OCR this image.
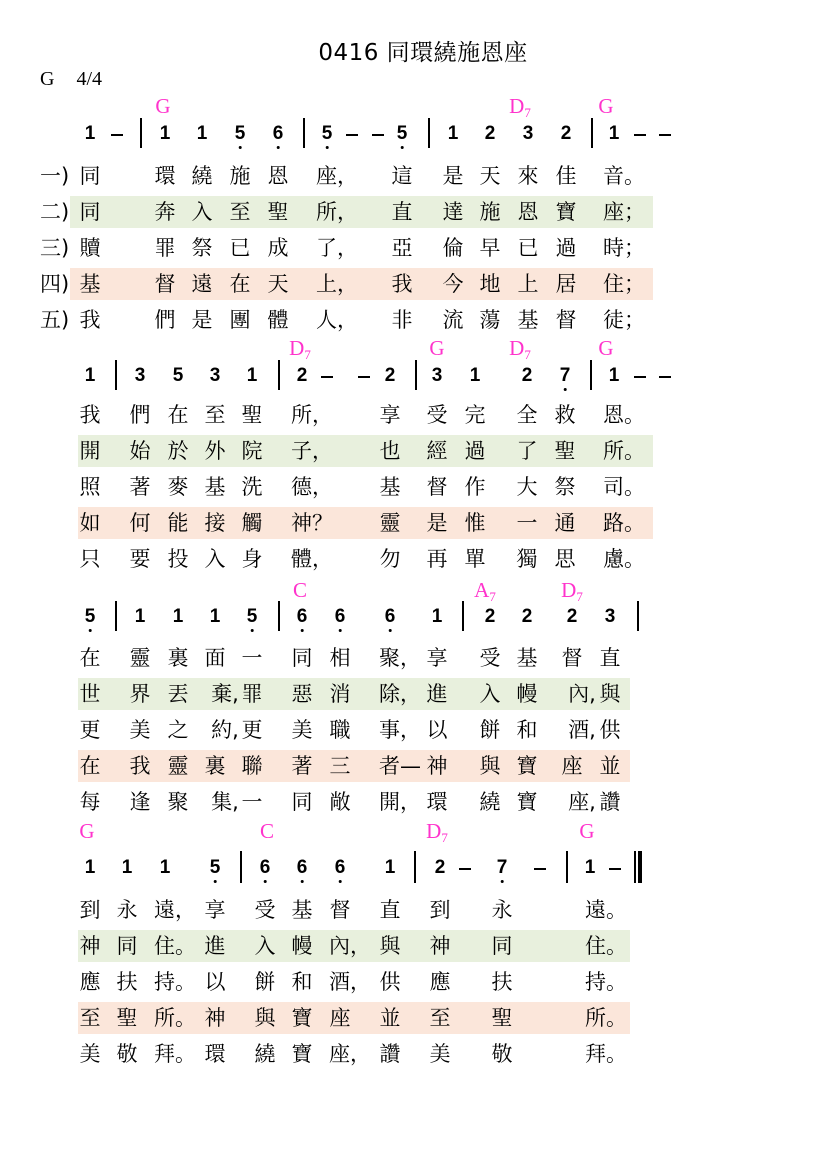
0416 同環繞施恩座
G 4/4
G	$D_7$	G
1	1 1 5 6 5	5 1 2 3 2 1
一) 同	環 繞 施 恩 座， 這 是 天 來 佳 音。
二) 同	奔 入 至 聖 所， 直 達 施 恩 寶 座；
三) 贖	罪 祭 已 成 了， 亞 倫 早 已 過 時；
四) 基	督 遠 在 天 上， 我 今 地 上 居 住；
五) 我	們 是 團 體 人， 非 流 蕩 基 督 徒；
$D_7$	G	$D_7$	G
1 3 5 3 1 2	2 3 1 2 7 1
我 們 在 至 聖 所， 享 受 完 全 救 恩。
開 始 於 外 院 子， 也 經 過 了 聖 所。
照 著 麥 基 洗 德， 基 督 作 大 祭 司。
如 何 能 接 觸 神？ 靈 是 惟 一 通 路。
只 要 投 入 身 體， 勿 再 單 獨 思 慮。
C	$A_7$	$D_7$
5 1 1 1 5 6 6 6 1 2 2 2 3
在 靈 裏 面 一 同 相 聚， 享 受 基 督 直
世 界 丟 棄, 罪 惡 消 除， 進 入 幔 內, 與
更 美 之 約, 更 美 職 事， 以 餅 和 酒, 供
在 我 靈 裏 聯 著 三 者— 神 與 寶 座 並
每 逢 聚 集, 一 同 敞 開， 環 繞 寶 座, 讚
G	C	$D_7$	G
1 1 1 5 6 6 6 1 2	7	1
到 永 遠， 享 受 基 督 直 到 永	遠。
神 同 住。 進 入 幔 內， 與 神 同	住。
應 扶 持。 以 餅 和 酒， 供 應 扶	持。
至 聖 所。 神 與 寶 座 並 至 聖	所。
美 敬 拜。 環 繞 寶 座， 讚 美 敬	拜。
